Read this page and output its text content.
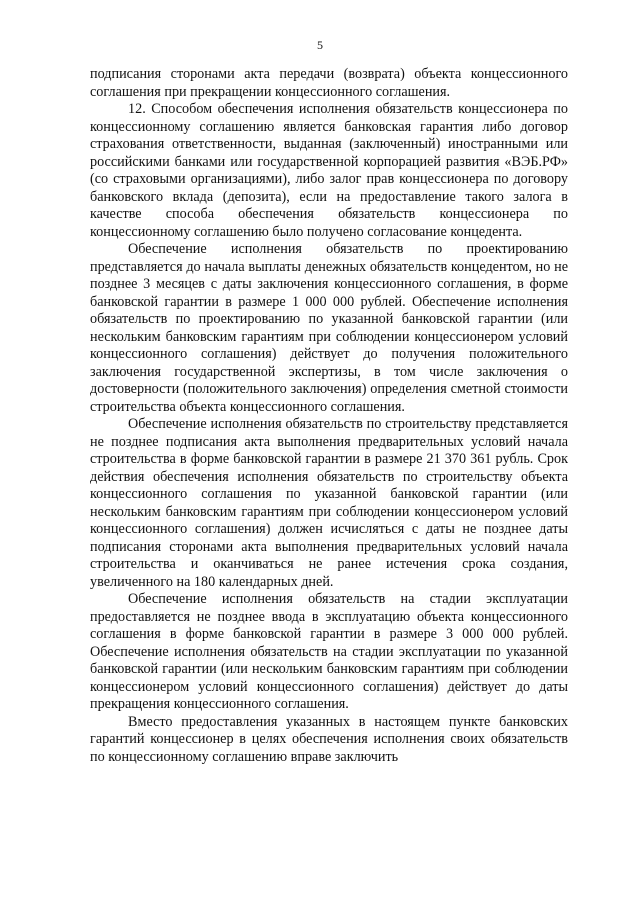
5

подписания сторонами акта передачи (возврата) объекта концессионного соглашения при прекращении концессионного соглашения.

12. Способом обеспечения исполнения обязательств концессионера по концессионному соглашению является банковская гарантия либо договор страхования ответственности, выданная (заключенный) иностранными или российскими банками или государственной корпорацией развития «ВЭБ.РФ» (со страховыми организациями), либо залог прав концессионера по договору банковского вклада (депозита), если на предоставление такого залога в качестве способа обеспечения обязательств концессионера по концессионному соглашению было получено согласование концедента.

Обеспечение исполнения обязательств по проектированию представляется до начала выплаты денежных обязательств концедентом, но не позднее 3 месяцев с даты заключения концессионного соглашения, в форме банковской гарантии в размере 1 000 000 рублей. Обеспечение исполнения обязательств по проектированию по указанной банковской гарантии (или нескольким банковским гарантиям при соблюдении концессионером условий концессионного соглашения) действует до получения положительного заключения государственной экспертизы, в том числе заключения о достоверности (положительного заключения) определения сметной стоимости строительства объекта концессионного соглашения.

Обеспечение исполнения обязательств по строительству представляется не позднее подписания акта выполнения предварительных условий начала строительства в форме банковской гарантии в размере 21 370 361 рубль. Срок действия обеспечения исполнения обязательств по строительству объекта концессионного соглашения по указанной банковской гарантии (или нескольким банковским гарантиям при соблюдении концессионером условий концессионного соглашения) должен исчисляться с даты не позднее даты подписания сторонами акта выполнения предварительных условий начала строительства и оканчиваться не ранее истечения срока создания, увеличенного на 180 календарных дней.

Обеспечение исполнения обязательств на стадии эксплуатации предоставляется не позднее ввода в эксплуатацию объекта концессионного соглашения в форме банковской гарантии в размере 3 000 000 рублей. Обеспечение исполнения обязательств на стадии эксплуатации по указанной банковской гарантии (или нескольким банковским гарантиям при соблюдении концессионером условий концессионного соглашения) действует до даты прекращения концессионного соглашения.

Вместо предоставления указанных в настоящем пункте банковских гарантий концессионер в целях обеспечения исполнения своих обязательств по концессионному соглашению вправе заключить
